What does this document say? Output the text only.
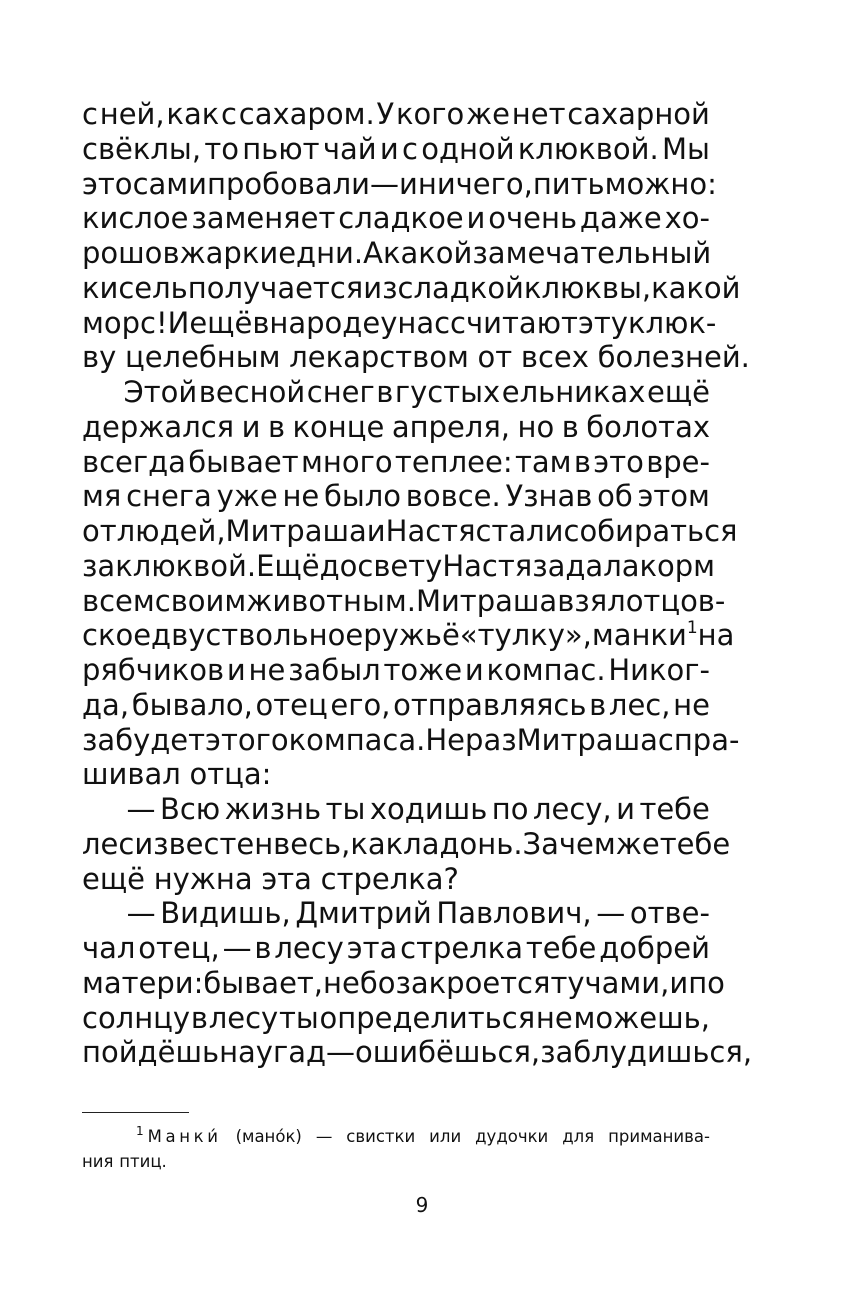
с ней, как с сахаром. У кого же нет сахарной
свёклы, то пьют чай и с одной клюквой. Мы
это сами пробовали — и ничего, пить можно:
кислое заменяет сладкое и очень даже хо-
рошо в жаркие дни. А какой замечательный
кисель получается из сладкой клюквы, какой
морс! И ещё в народе у нас считают эту клюк-
ву целебным лекарством от всех болезней.
Этой весной снег в густых ельниках ещё
держался и в конце апреля, но в болотах
всегда бывает много теплее: там в это вре-
мя снега уже не было вовсе. Узнав об этом
от людей, Митраша и Настя стали собираться
за клюквой. Ещё до свету Настя задала корм
всем своим животным. Митраша взял отцов-
ское двуствольное ружьё «тулку», манки$^1$ на
рябчиков и не забыл тоже и компас. Никог-
да, бывало, отец его, отправляясь в лес, не
забудет этого компаса. Не раз Митраша спра-
шивал отца:
— Всю жизнь ты ходишь по лесу, и тебе
лес известен весь, как ладонь. Зачем же тебе
ещё нужна эта стрелка?
— Видишь, Дмитрий Павлович, — отве-
чал отец, — в лесу эта стрелка тебе добрей
матери: бывает, небо закроется тучами, и по
солнцу в лесу ты определиться не можешь,
пойдёшь наугад — ошибёшься, заблудишься,
$^1$ Манки́ (мано́к) — свистки или дудочки для приманива-
ния птиц.
9
